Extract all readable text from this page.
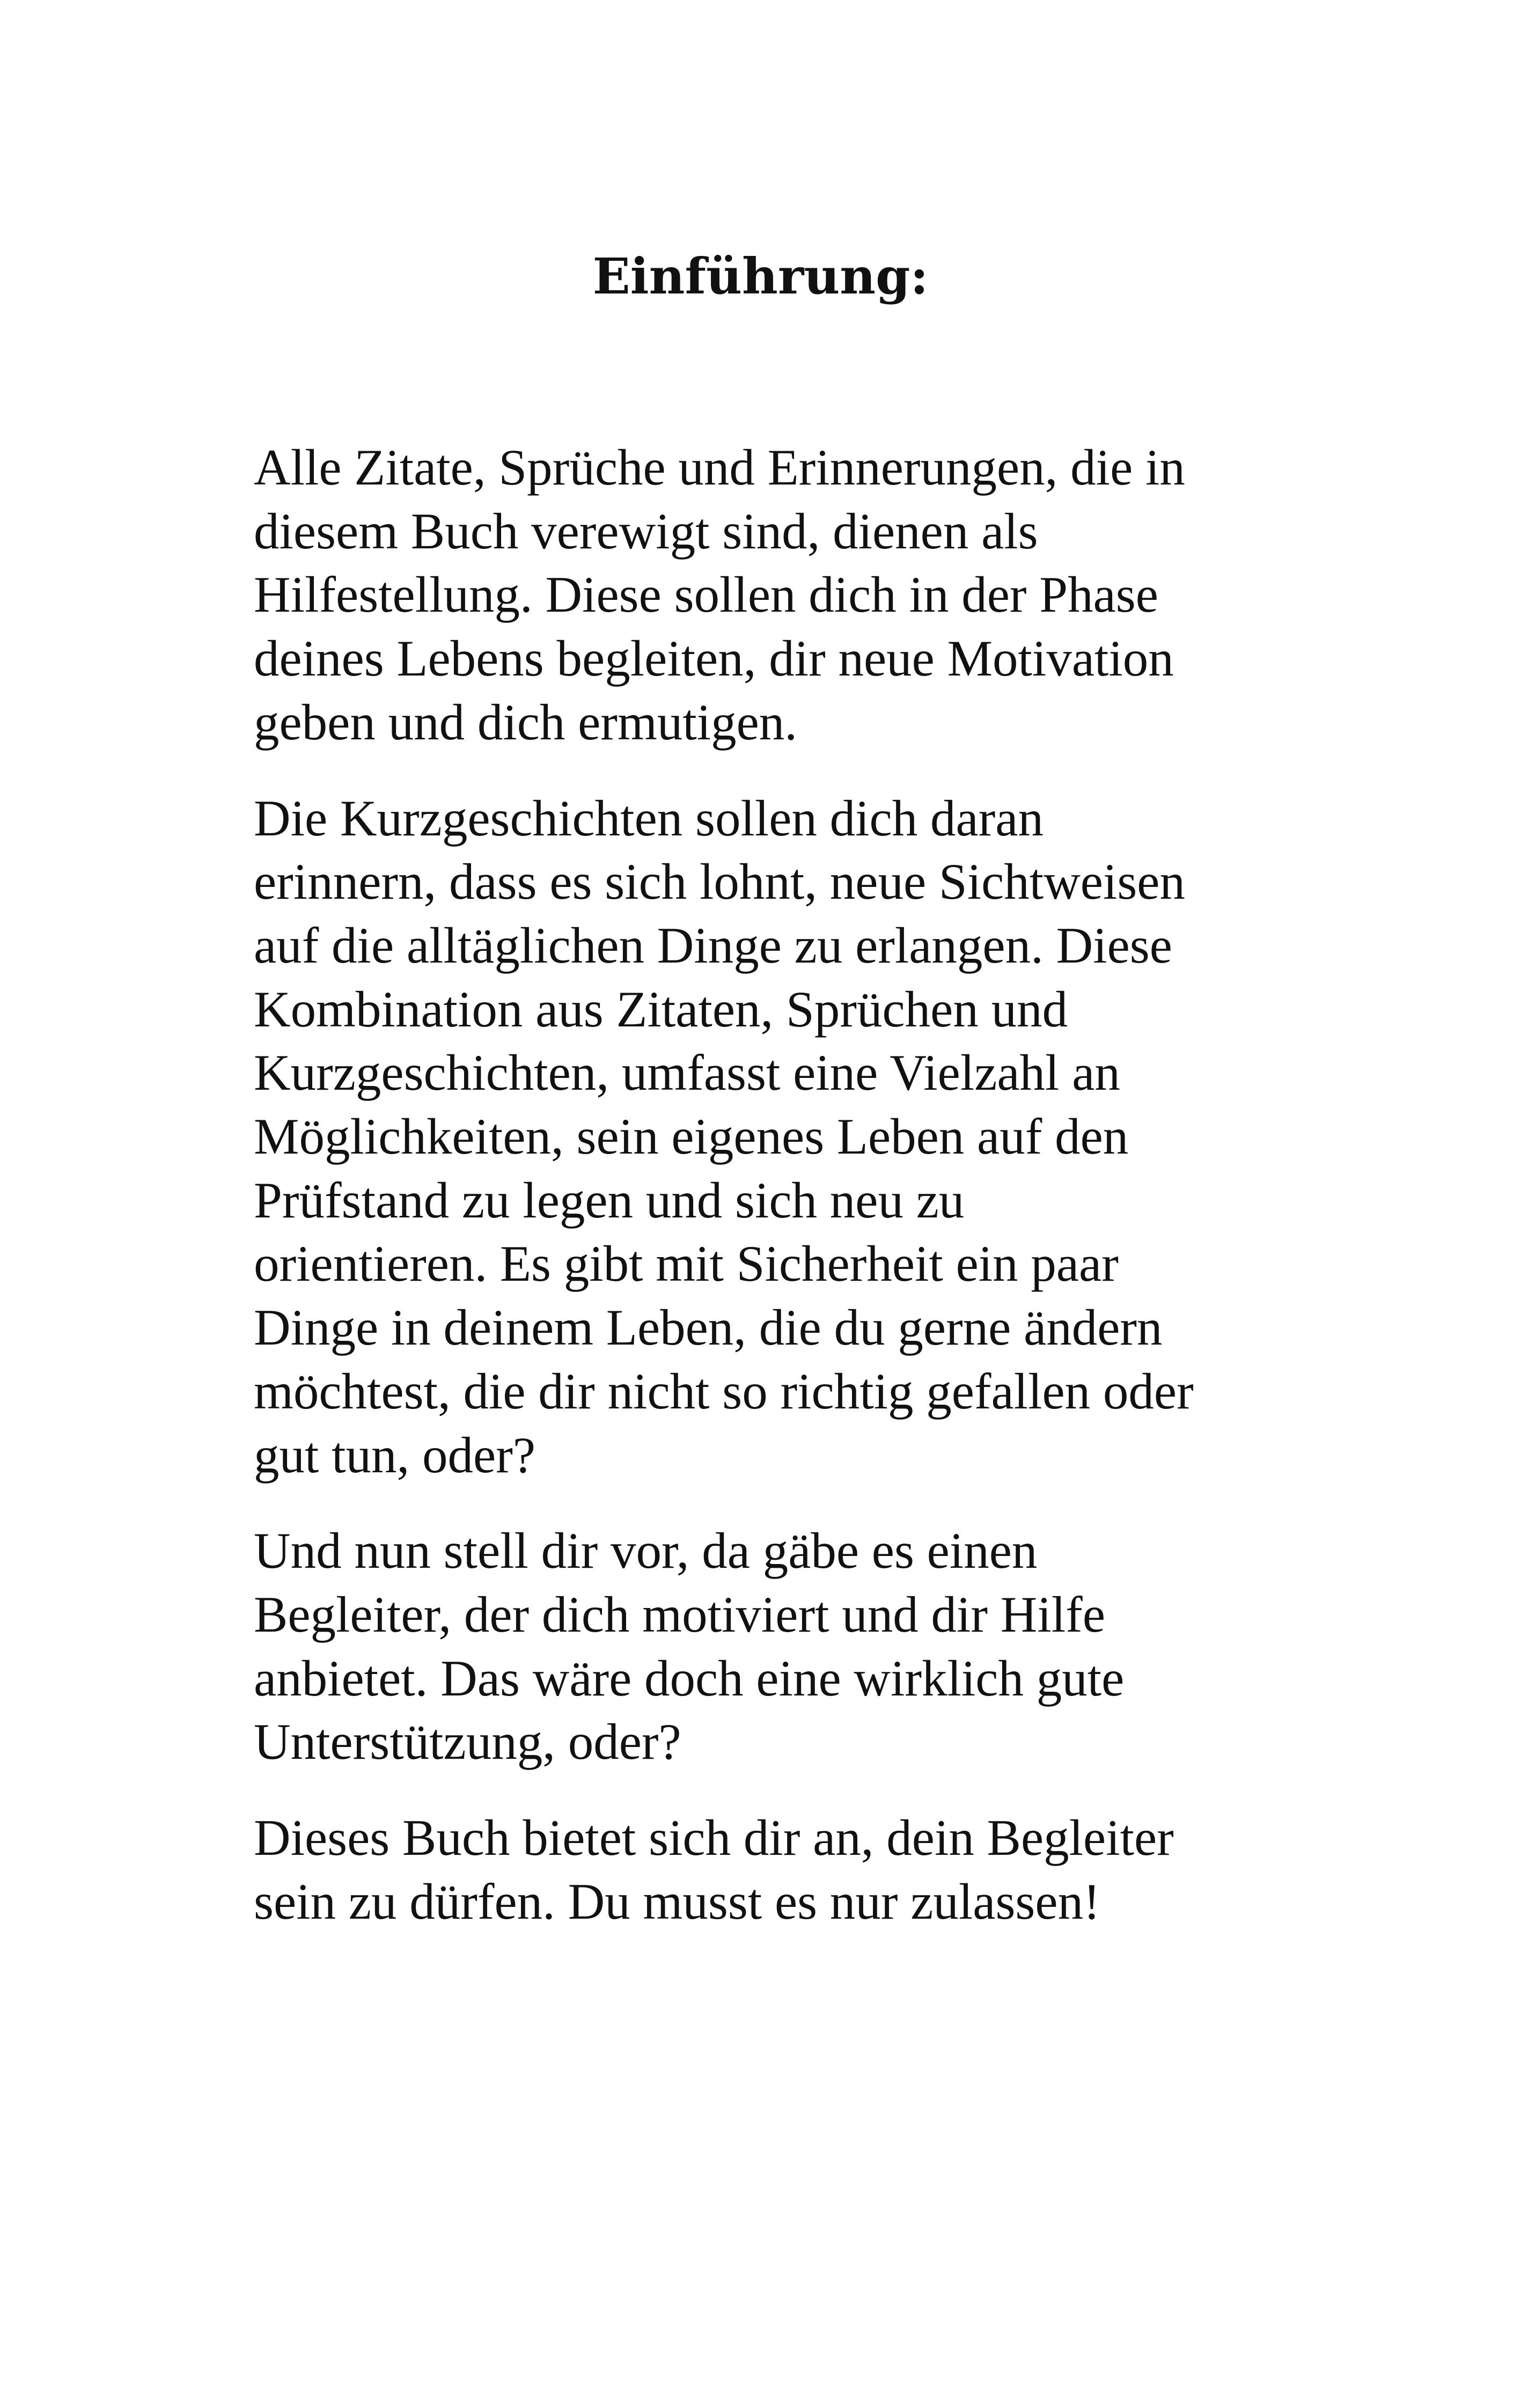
Einführung:

Alle Zitate, Sprüche und Erinnerungen, die in
diesem Buch verewigt sind, dienen als
Hilfestellung. Diese sollen dich in der Phase
deines Lebens begleiten, dir neue Motivation
geben und dich ermutigen.

Die Kurzgeschichten sollen dich daran
erinnern, dass es sich lohnt, neue Sichtweisen
auf die alltäglichen Dinge zu erlangen. Diese
Kombination aus Zitaten, Sprüchen und
Kurzgeschichten, umfasst eine Vielzahl an
Möglichkeiten, sein eigenes Leben auf den
Prüfstand zu legen und sich neu zu
orientieren. Es gibt mit Sicherheit ein paar
Dinge in deinem Leben, die du gerne ändern
möchtest, die dir nicht so richtig gefallen oder
gut tun, oder?

Und nun stell dir vor, da gäbe es einen
Begleiter, der dich motiviert und dir Hilfe
anbietet. Das wäre doch eine wirklich gute
Unterstützung, oder?

Dieses Buch bietet sich dir an, dein Begleiter
sein zu dürfen. Du musst es nur zulassen!
